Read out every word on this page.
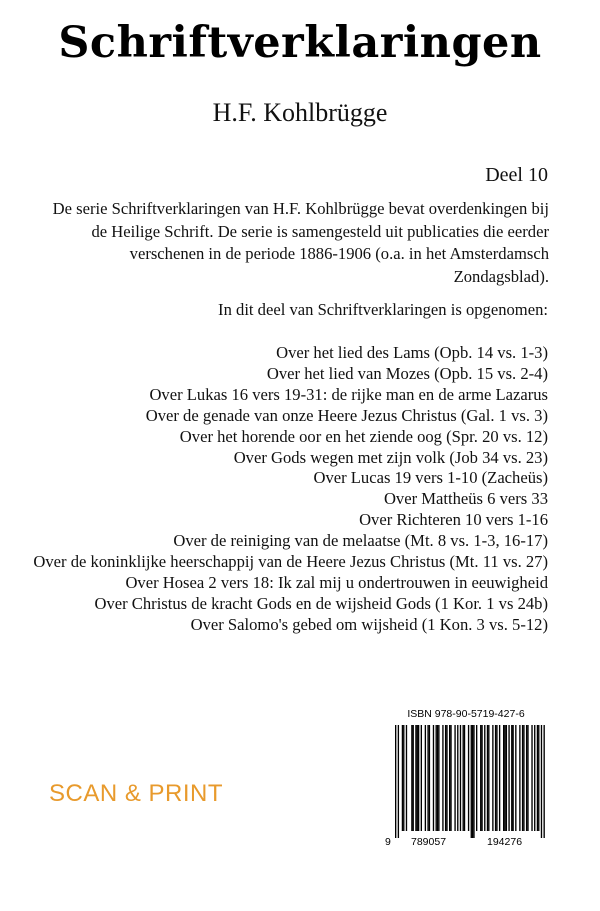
Schriftverklaringen
H.F. Kohlbrügge
Deel 10

De serie Schriftverklaringen van H.F. Kohlbrügge bevat overdenkingen bij de Heilige Schrift. De serie is samengesteld uit publicaties die eerder verschenen in de periode 1886-1906 (o.a. in het Amsterdamsch Zondagsblad).

In dit deel van Schriftverklaringen is opgenomen:
Over het lied des Lams (Opb. 14 vs. 1-3)
Over het lied van Mozes (Opb. 15 vs. 2-4)
Over Lukas 16 vers 19-31: de rijke man en de arme Lazarus
Over de genade van onze Heere Jezus Christus (Gal. 1 vs. 3)
Over het horende oor en het ziende oog (Spr. 20 vs. 12)
Over Gods wegen met zijn volk (Job 34 vs. 23)
Over Lucas 19 vers 1-10 (Zacheüs)
Over Mattheüs 6 vers 33
Over Richteren 10 vers 1-16
Over de reiniging van de melaatse (Mt. 8 vs. 1-3, 16-17)
Over de koninklijke heerschappij van de Heere Jezus Christus (Mt. 11 vs. 27)
Over Hosea 2 vers 18: Ik zal mij u ondertrouwen in eeuwigheid
Over Christus de kracht Gods en de wijsheid Gods (1 Kor. 1 vs 24b)
Over Salomo's gebed om wijsheid (1 Kon. 3 vs. 5-12)
SCAN & PRINT
ISBN 978-90-5719-427-6
9 789057	194276
